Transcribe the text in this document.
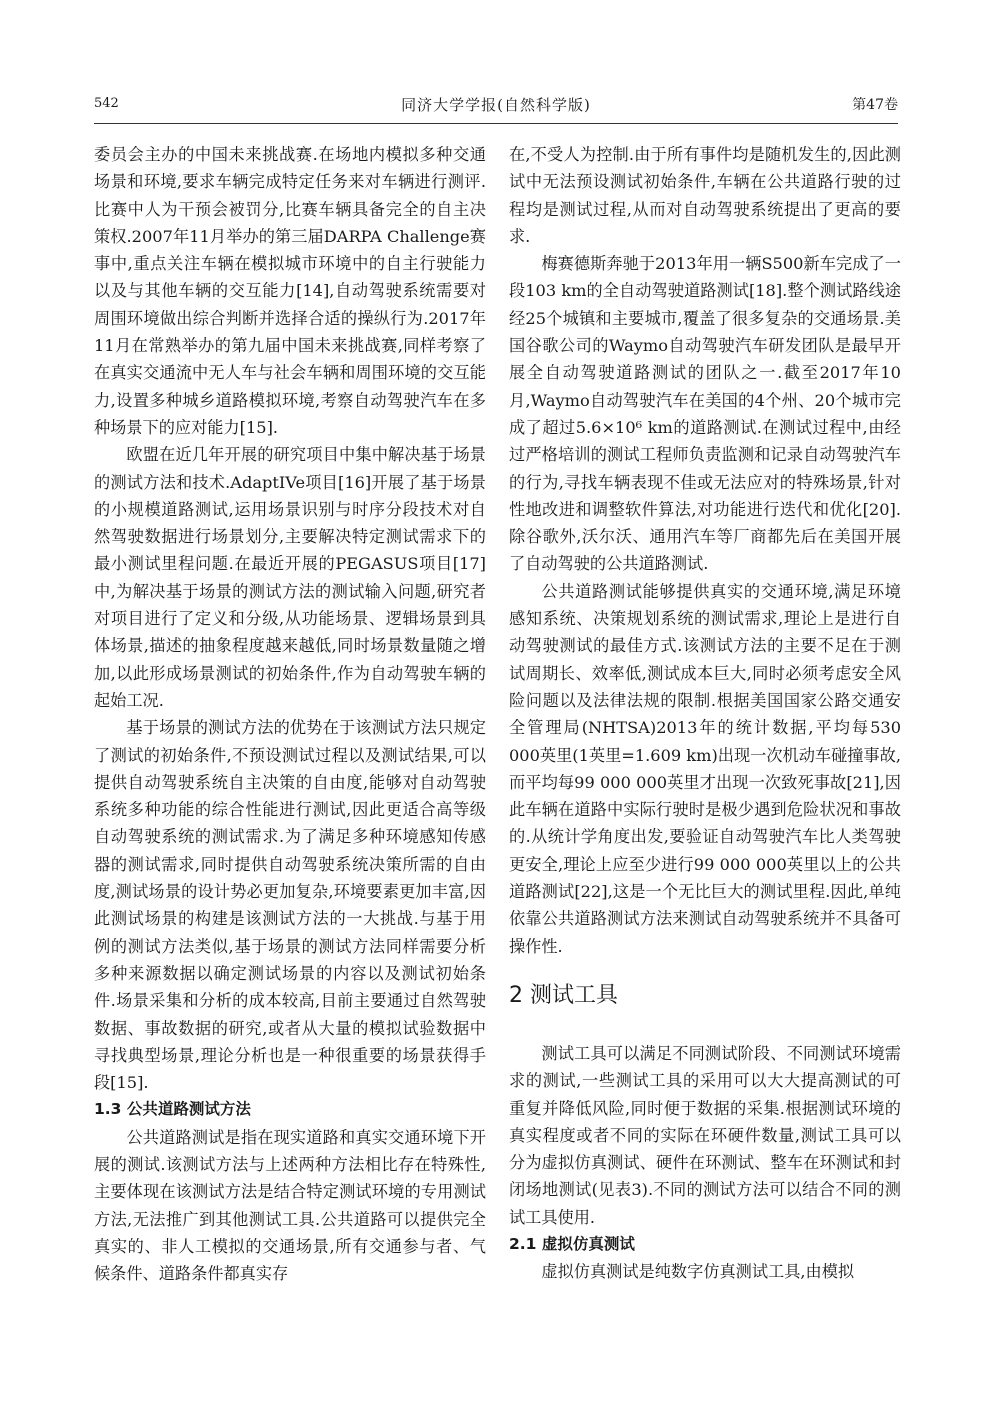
542	同济大学学报(自然科学版)	第47卷

委员会主办的中国未来挑战赛.在场地内模拟多种交通场景和环境,要求车辆完成特定任务来对车辆进行测评.比赛中人为干预会被罚分,比赛车辆具备完全的自主决策权.2007年11月举办的第三届DARPA Challenge赛事中,重点关注车辆在模拟城市环境中的自主行驶能力以及与其他车辆的交互能力[14],自动驾驶系统需要对周围环境做出综合判断并选择合适的操纵行为.2017年11月在常熟举办的第九届中国未来挑战赛,同样考察了在真实交通流中无人车与社会车辆和周围环境的交互能力,设置多种城乡道路模拟环境,考察自动驾驶汽车在多种场景下的应对能力[15].

欧盟在近几年开展的研究项目中集中解决基于场景的测试方法和技术.AdaptIVe项目[16]开展了基于场景的小规模道路测试,运用场景识别与时序分段技术对自然驾驶数据进行场景划分,主要解决特定测试需求下的最小测试里程问题.在最近开展的PEGASUS项目[17]中,为解决基于场景的测试方法的测试输入问题,研究者对项目进行了定义和分级,从功能场景、逻辑场景到具体场景,描述的抽象程度越来越低,同时场景数量随之增加,以此形成场景测试的初始条件,作为自动驾驶车辆的起始工况.

基于场景的测试方法的优势在于该测试方法只规定了测试的初始条件,不预设测试过程以及测试结果,可以提供自动驾驶系统自主决策的自由度,能够对自动驾驶系统多种功能的综合性能进行测试,因此更适合高等级自动驾驶系统的测试需求.为了满足多种环境感知传感器的测试需求,同时提供自动驾驶系统决策所需的自由度,测试场景的设计势必更加复杂,环境要素更加丰富,因此测试场景的构建是该测试方法的一大挑战.与基于用例的测试方法类似,基于场景的测试方法同样需要分析多种来源数据以确定测试场景的内容以及测试初始条件.场景采集和分析的成本较高,目前主要通过自然驾驶数据、事故数据的研究,或者从大量的模拟试验数据中寻找典型场景,理论分析也是一种很重要的场景获得手段[15].

1.3 公共道路测试方法

公共道路测试是指在现实道路和真实交通环境下开展的测试.该测试方法与上述两种方法相比存在特殊性,主要体现在该测试方法是结合特定测试环境的专用测试方法,无法推广到其他测试工具.公共道路可以提供完全真实的、非人工模拟的交通场景,所有交通参与者、气候条件、道路条件都真实存

在,不受人为控制.由于所有事件均是随机发生的,因此测试中无法预设测试初始条件,车辆在公共道路行驶的过程均是测试过程,从而对自动驾驶系统提出了更高的要求.

梅赛德斯奔驰于2013年用一辆S500新车完成了一段103 km的全自动驾驶道路测试[18].整个测试路线途经25个城镇和主要城市,覆盖了很多复杂的交通场景.美国谷歌公司的Waymo自动驾驶汽车研发团队是最早开展全自动驾驶道路测试的团队之一.截至2017年10月,Waymo自动驾驶汽车在美国的4个州、20个城市完成了超过5.6×10⁶ km的道路测试.在测试过程中,由经过严格培训的测试工程师负责监测和记录自动驾驶汽车的行为,寻找车辆表现不佳或无法应对的特殊场景,针对性地改进和调整软件算法,对功能进行迭代和优化[20].除谷歌外,沃尔沃、通用汽车等厂商都先后在美国开展了自动驾驶的公共道路测试.

公共道路测试能够提供真实的交通环境,满足环境感知系统、决策规划系统的测试需求,理论上是进行自动驾驶测试的最佳方式.该测试方法的主要不足在于测试周期长、效率低,测试成本巨大,同时必须考虑安全风险问题以及法律法规的限制.根据美国国家公路交通安全管理局(NHTSA)2013年的统计数据,平均每530 000英里(1英里=1.609 km)出现一次机动车碰撞事故,而平均每99 000 000英里才出现一次致死事故[21],因此车辆在道路中实际行驶时是极少遇到危险状况和事故的.从统计学角度出发,要验证自动驾驶汽车比人类驾驶更安全,理论上应至少进行99 000 000英里以上的公共道路测试[22],这是一个无比巨大的测试里程.因此,单纯依靠公共道路测试方法来测试自动驾驶系统并不具备可操作性.

2 测试工具

测试工具可以满足不同测试阶段、不同测试环境需求的测试,一些测试工具的采用可以大大提高测试的可重复并降低风险,同时便于数据的采集.根据测试环境的真实程度或者不同的实际在环硬件数量,测试工具可以分为虚拟仿真测试、硬件在环测试、整车在环测试和封闭场地测试(见表3).不同的测试方法可以结合不同的测试工具使用.

2.1 虚拟仿真测试

虚拟仿真测试是纯数字仿真测试工具,由模拟
